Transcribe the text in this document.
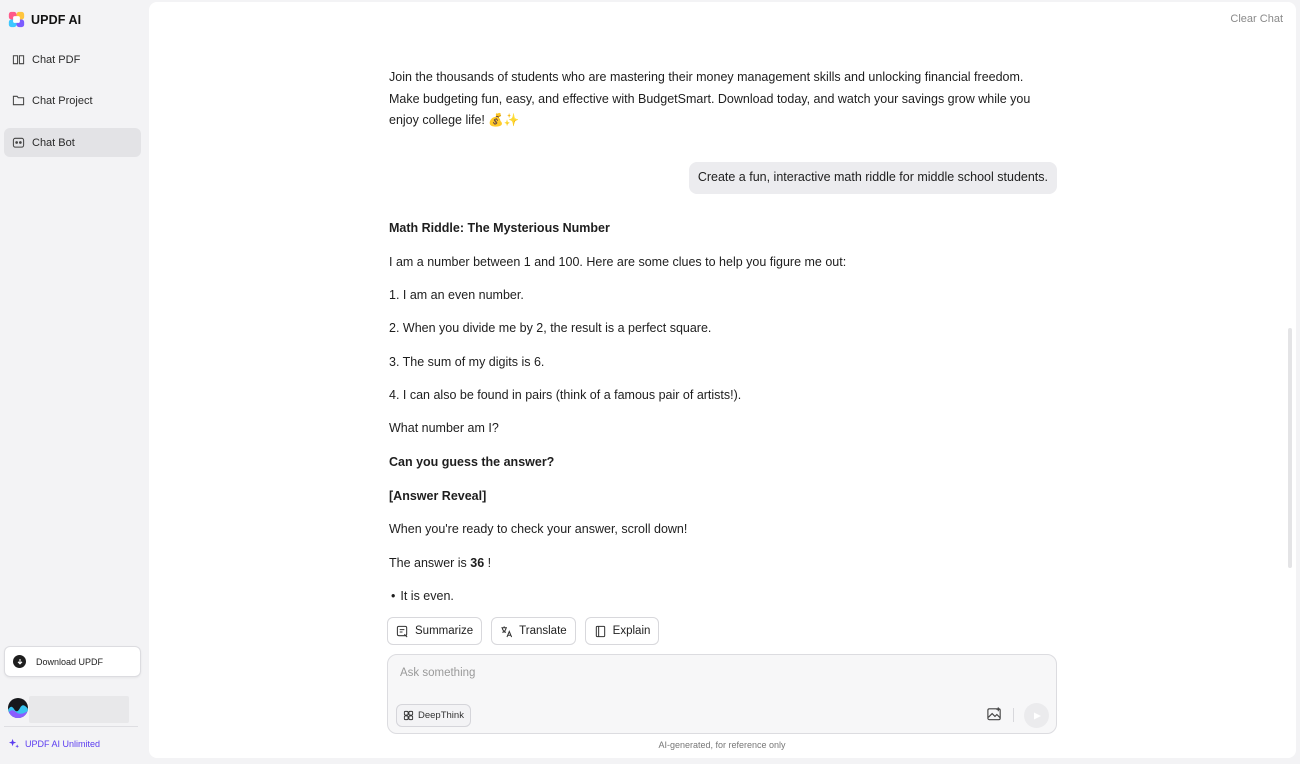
UPDF AI
Chat PDF
Chat Project
Chat Bot
Download UPDF
UPDF AI Unlimited
Clear Chat
Join the thousands of students who are mastering their money management skills and unlocking financial freedom. Make budgeting fun, easy, and effective with BudgetSmart. Download today, and watch your savings grow while you enjoy college life! 💰✨
Create a fun, interactive math riddle for middle school students.
Math Riddle: The Mysterious Number
I am a number between 1 and 100. Here are some clues to help you figure me out:
1. I am an even number.
2. When you divide me by 2, the result is a perfect square.
3. The sum of my digits is 6.
4. I can also be found in pairs (think of a famous pair of artists!).
What number am I?
Can you guess the answer?
[Answer Reveal]
When you're ready to check your answer, scroll down!
The answer is 36 !
• It is even.
Summarize	Translate	Explain
Ask something
DeepThink
AI-generated, for reference only
